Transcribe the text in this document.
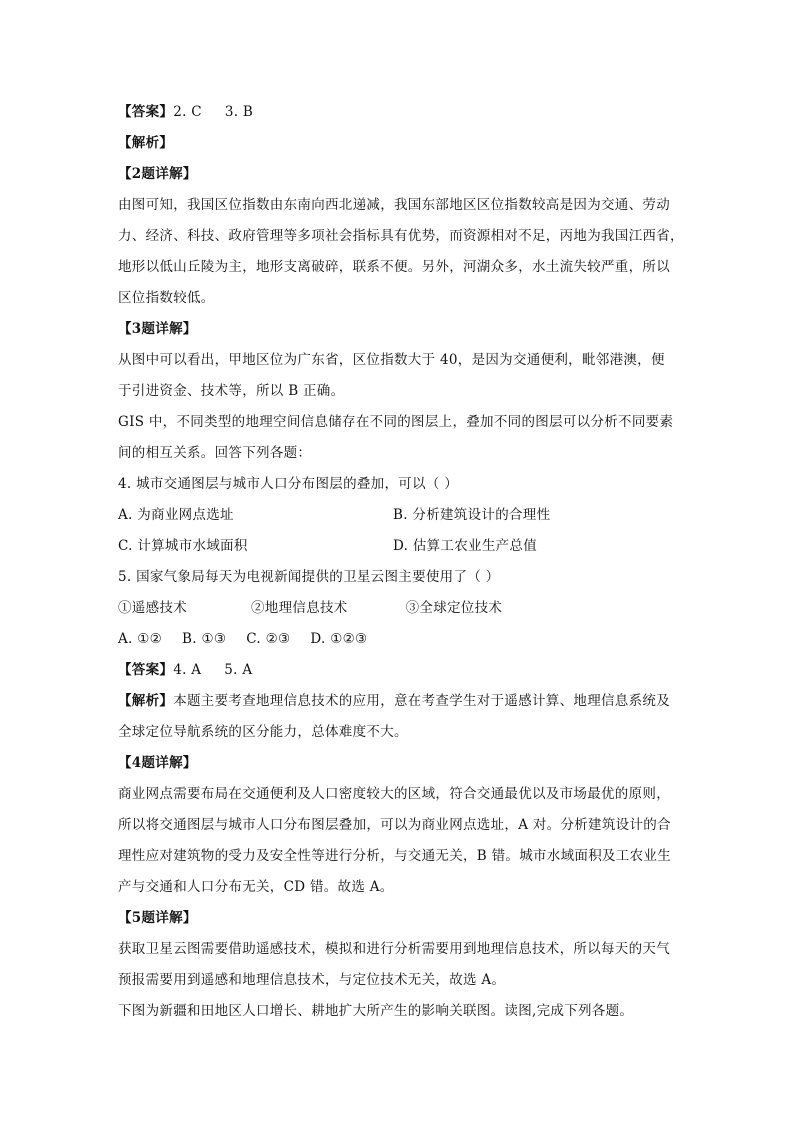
【答案】2. C     3. B
【解析】
【2题详解】
由图可知，我国区位指数由东南向西北递减，我国东部地区区位指数较高是因为交通、劳动
力、经济、科技、政府管理等多项社会指标具有优势，而资源相对不足，丙地为我国江西省，
地形以低山丘陵为主，地形支离破碎，联系不便。另外，河湖众多，水土流失较严重，所以
区位指数较低。
【3题详解】
从图中可以看出，甲地区位为广东省，区位指数大于 40，是因为交通便利，毗邻港澳，便
于引进资金、技术等，所以 B 正确。
GIS 中，不同类型的地理空间信息储存在不同的图层上，叠加不同的图层可以分析不同要素
间的相互关系。回答下列各题：
4. 城市交通图层与城市人口分布图层的叠加，可以（ ）
A. 为商业网点选址	B. 分析建筑设计的合理性
C. 计算城市水域面积	D. 估算工农业生产总值
5. 国家气象局每天为电视新闻提供的卫星云图主要使用了（ ）
①遥感技术	②地理信息技术	③全球定位技术
A. ①② B. ①③ C. ②③ D. ①②③
【答案】4. A     5. A
【解析】本题主要考查地理信息技术的应用，意在考查学生对于遥感计算、地理信息系统及
全球定位导航系统的区分能力，总体难度不大。
【4题详解】
商业网点需要布局在交通便利及人口密度较大的区域，符合交通最优以及市场最优的原则，
所以将交通图层与城市人口分布图层叠加，可以为商业网点选址，A 对。分析建筑设计的合
理性应对建筑物的受力及安全性等进行分析，与交通无关，B 错。城市水域面积及工农业生
产与交通和人口分布无关，CD 错。故选 A。
【5题详解】
获取卫星云图需要借助遥感技术，模拟和进行分析需要用到地理信息技术，所以每天的天气
预报需要用到遥感和地理信息技术，与定位技术无关，故选 A。
下图为新疆和田地区人口增长、耕地扩大所产生的影响关联图。读图,完成下列各题。
